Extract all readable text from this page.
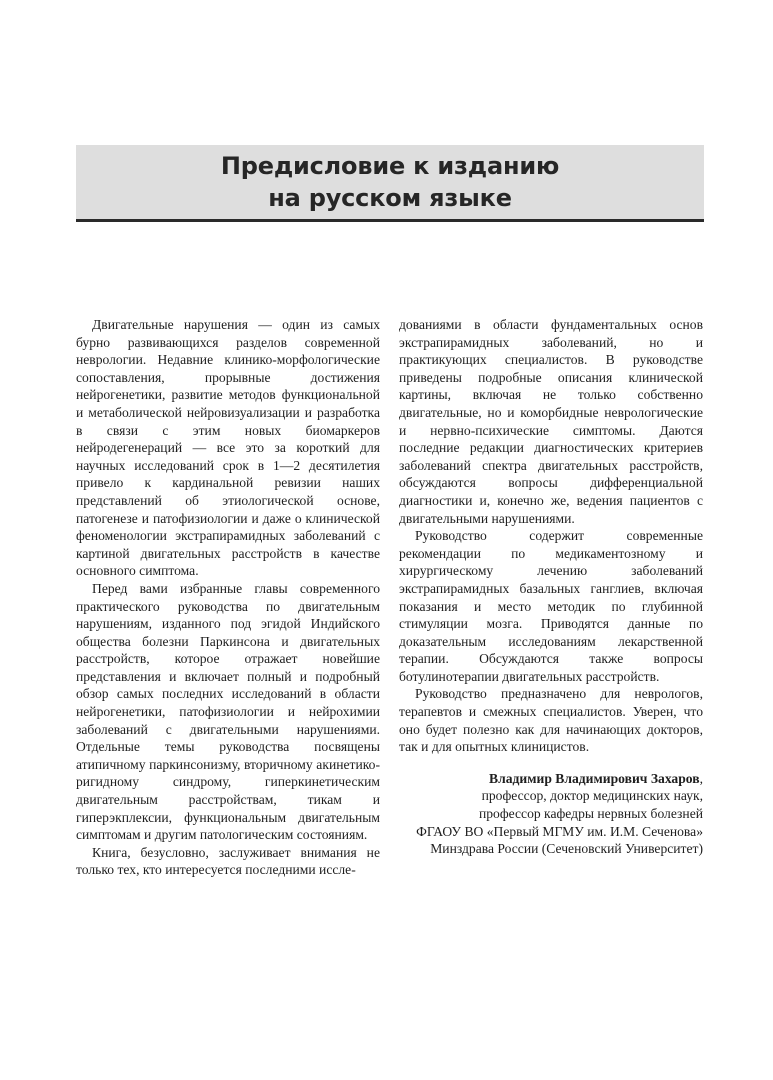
Предисловие к изданию
на русском языке

Двигательные нарушения — один из самых бурно развивающихся разделов современной неврологии. Недавние клинико-морфологические сопоставления, прорывные достижения нейрогенетики, развитие методов функциональной и метаболической нейровизуализации и разработка в связи с этим новых биомаркеров нейродегенераций — все это за короткий для научных исследований срок в 1—2 десятилетия привело к кардинальной ревизии наших представлений об этиологической основе, патогенезе и патофизиологии и даже о клинической феноменологии экстрапирамидных заболеваний с картиной двигательных расстройств в качестве основного симптома.

Перед вами избранные главы современного практического руководства по двигательным нарушениям, изданного под эгидой Индийского общества болезни Паркинсона и двигательных расстройств, которое отражает новейшие представления и включает полный и подробный обзор самых последних исследований в области нейрогенетики, патофизиологии и нейрохимии заболеваний с двигательными нарушениями. Отдельные темы руководства посвящены атипичному паркинсонизму, вторичному акинетико-ригидному синдрому, гиперкинетическим двигательным расстройствам, тикам и гиперэкплексии, функциональным двигательным симптомам и другим патологическим состояниям.

Книга, безусловно, заслуживает внимания не только тех, кто интересуется последними иссле-

дованиями в области фундаментальных основ экстрапирамидных заболеваний, но и практикующих специалистов. В руководстве приведены подробные описания клинической картины, включая не только собственно двигательные, но и коморбидные неврологические и нервно-психические симптомы. Даются последние редакции диагностических критериев заболеваний спектра двигательных расстройств, обсуждаются вопросы дифференциальной диагностики и, конечно же, ведения пациентов с двигательными нарушениями.

Руководство содержит современные рекомендации по медикаментозному и хирургическому лечению заболеваний экстрапирамидных базальных ганглиев, включая показания и место методик по глубинной стимуляции мозга. Приводятся данные по доказательным исследованиям лекарственной терапии. Обсуждаются также вопросы ботулинотерапии двигательных расстройств.

Руководство предназначено для неврологов, терапевтов и смежных специалистов. Уверен, что оно будет полезно как для начинающих докторов, так и для опытных клиницистов.

Владимир Владимирович Захаров,
профессор, доктор медицинских наук,
профессор кафедры нервных болезней
ФГАОУ ВО «Первый МГМУ им. И.М. Сеченова»
Минздрава России (Сеченовский Университет)
